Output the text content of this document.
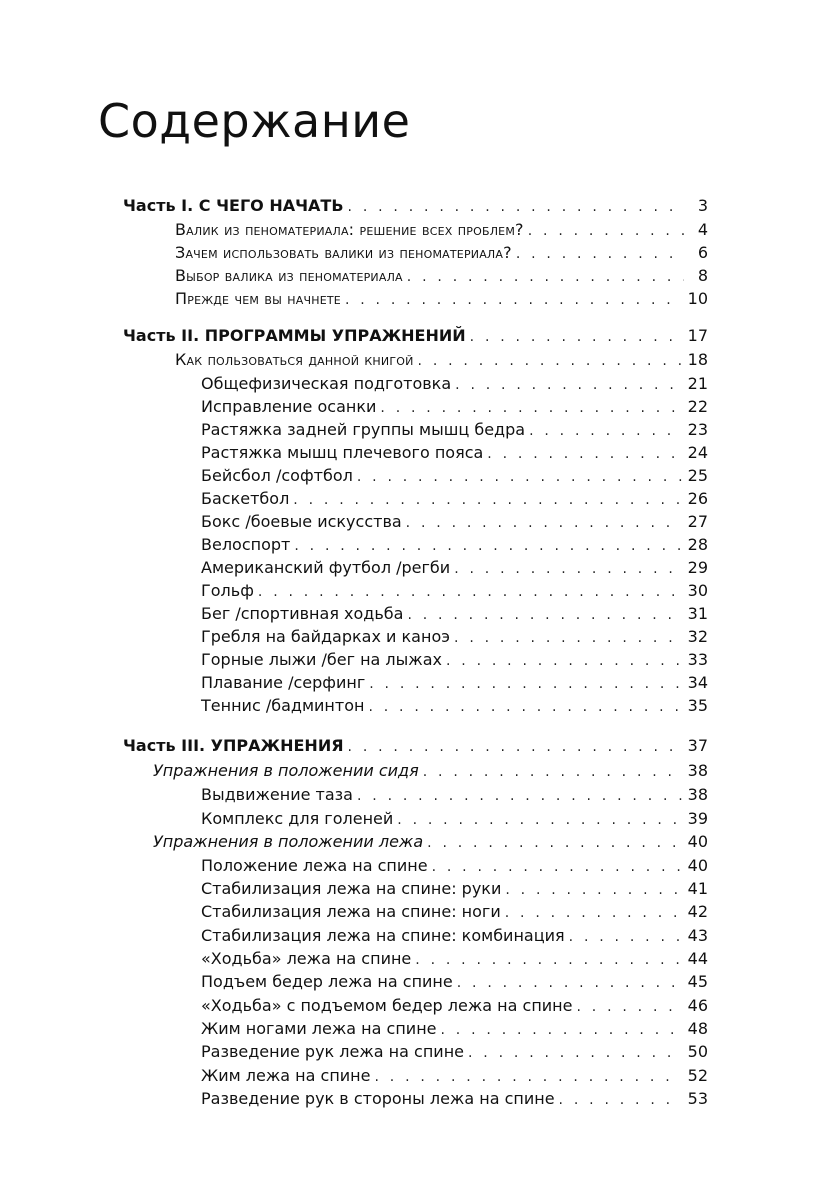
Содержание
Часть I. С ЧЕГО НАЧАТЬ . . .	3
Валик из пеноматериала: решение всех проблем? . . .	4
Зачем использовать валики из пеноматериала? . . .	6
Выбор валика из пеноматериала . . .	8
Прежде чем вы начнете . . .	10
Часть II. ПРОГРАММЫ УПРАЖНЕНИЙ . . .	17
Как пользоваться данной книгой . . .	18
Общефизическая подготовка . . .	21
Исправление осанки . . .	22
Растяжка задней группы мышц бедра . . .	23
Растяжка мышц плечевого пояса . . .	24
Бейсбол /софтбол . . .	25
Баскетбол . . .	26
Бокс /боевые искусства . . .	27
Велоспорт . . .	28
Американский футбол /регби . . .	29
Гольф . . .	30
Бег /спортивная ходьба . . .	31
Гребля на байдарках и каноэ . . .	32
Горные лыжи /бег на лыжах . . .	33
Плавание /серфинг . . .	34
Теннис /бадминтон . . .	35
Часть III. УПРАЖНЕНИЯ . . .	37
Упражнения в положении сидя . . .	38
Выдвижение таза . . .	38
Комплекс для голеней . . .	39
Упражнения в положении лежа . . .	40
Положение лежа на спине . . .	40
Стабилизация лежа на спине: руки . . .	41
Стабилизация лежа на спине: ноги . . .	42
Стабилизация лежа на спине: комбинация . . .	43
«Ходьба» лежа на спине . . .	44
Подъем бедер лежа на спине . . .	45
«Ходьба» с подъемом бедер лежа на спине . . .	46
Жим ногами лежа на спине . . .	48
Разведение рук лежа на спине . . .	50
Жим лежа на спине . . .	52
Разведение рук в стороны лежа на спине . . .	53
